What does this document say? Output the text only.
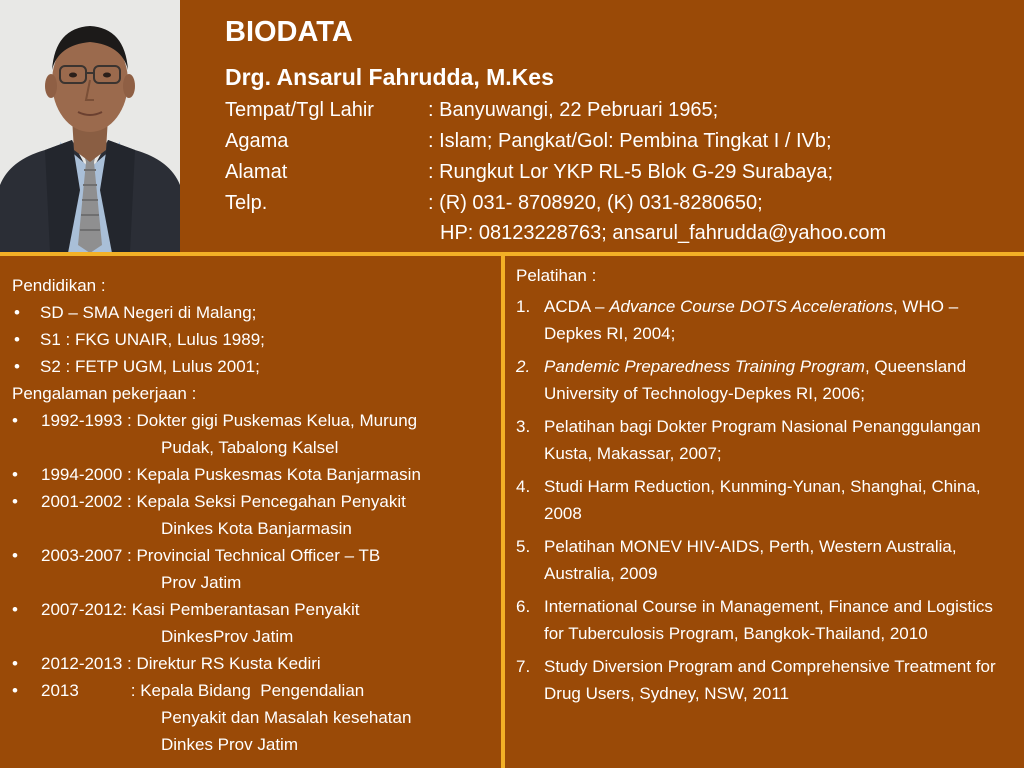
BIODATA
Drg. Ansarul Fahrudda, M.Kes
Tempat/Tgl Lahir	: Banyuwangi, 22 Pebruari 1965;
Agama	: Islam; Pangkat/Gol: Pembina Tingkat I / IVb;
Alamat	: Rungkut Lor YKP RL-5 Blok G-29 Surabaya;
Telp.	: (R) 031- 8708920, (K) 031-8280650;
HP: 08123228763; ansarul_fahrudda@yahoo.com
Pendidikan :
• SD – SMA Negeri di Malang;
• S1 : FKG UNAIR, Lulus 1989;
• S2 : FETP UGM, Lulus 2001;
Pengalaman pekerjaan :
• 1992-1993 : Dokter gigi Puskemas Kelua, Murung
Pudak, Tabalong Kalsel
• 1994-2000 : Kepala Puskesmas Kota Banjarmasin
• 2001-2002 : Kepala Seksi Pencegahan Penyakit
Dinkes Kota Banjarmasin
• 2003-2007 : Provincial Technical Officer – TB
Prov Jatim
• 2007-2012: Kasi Pemberantasan Penyakit
DinkesProv Jatim
• 2012-2013 : Direktur RS Kusta Kediri
• 2013           : Kepala Bidang  Pengendalian
Penyakit dan Masalah kesehatan
Dinkes Prov Jatim
Pelatihan :
1. ACDA – Advance Course DOTS Accelerations, WHO – Depkes RI, 2004;
2. Pandemic Preparedness Training Program, Queensland University of Technology-Depkes RI, 2006;
3. Pelatihan bagi Dokter Program Nasional Penanggulangan Kusta, Makassar, 2007;
4. Studi Harm Reduction, Kunming-Yunan, Shanghai, China, 2008
5. Pelatihan MONEV HIV-AIDS, Perth, Western Australia, Australia, 2009
6. International Course in Management, Finance and Logistics for Tuberculosis Program, Bangkok-Thailand, 2010
7. Study Diversion Program and Comprehensive Treatment for Drug Users, Sydney, NSW, 2011
